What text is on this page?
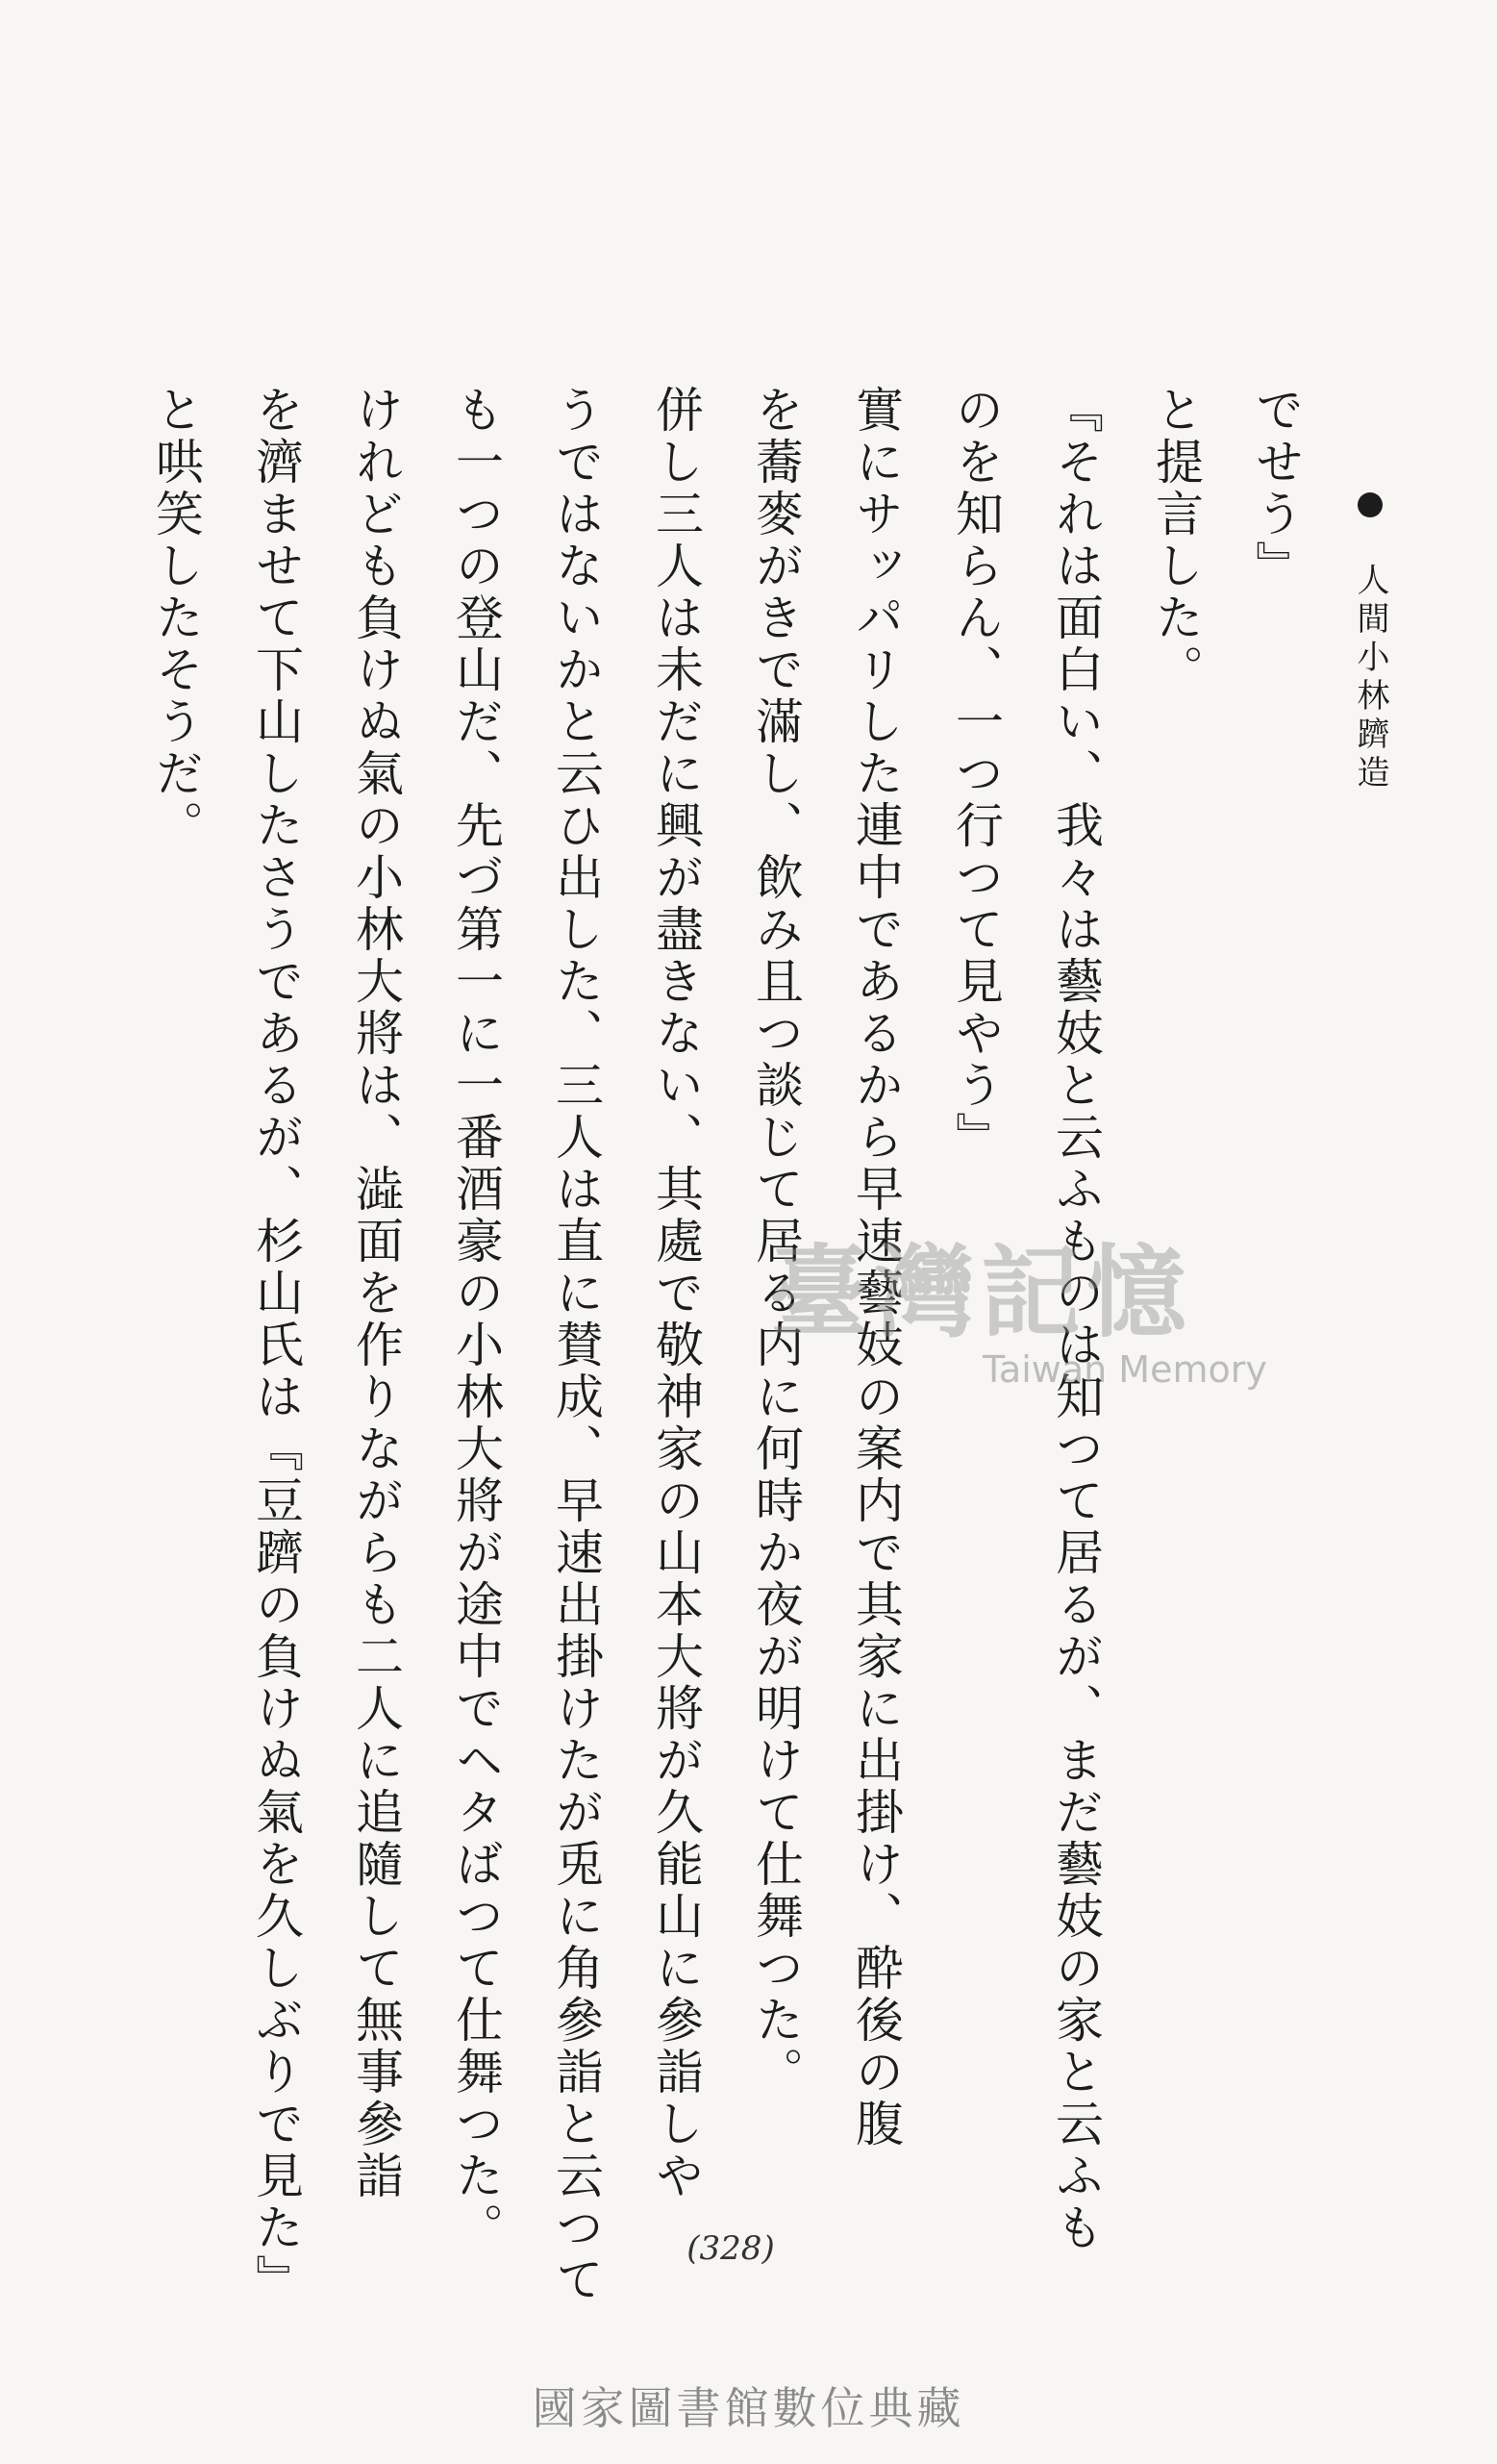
人間小林躋造
でせう』
と提言した。
『それは面白い、我々は藝妓と云ふものは知つて居るが、まだ藝妓の家と云ふも
のを知らん、一つ行つて見やう』
實にサッパリした連中であるから早速藝妓の案内で其家に出掛け、酔後の腹
を蕎麥がきで滿し、飲み且つ談じて居る内に何時か夜が明けて仕舞つた。
併し三人は未だに興が盡きない、其處で敬神家の山本大將が久能山に參詣しや
うではないかと云ひ出した、三人は直に賛成、早速出掛けたが兎に角參詣と云つて
も一つの登山だ、先づ第一に一番酒豪の小林大將が途中でヘタばつて仕舞つた。
けれども負けぬ氣の小林大將は、澁面を作りながらも二人に追隨して無事參詣
を濟ませて下山したさうであるが、杉山氏は『豆躋の負けぬ氣を久しぶりで見た』
と哄笑したそうだ。
(328)
臺灣記憶
Taiwan Memory
國家圖書館數位典藏
